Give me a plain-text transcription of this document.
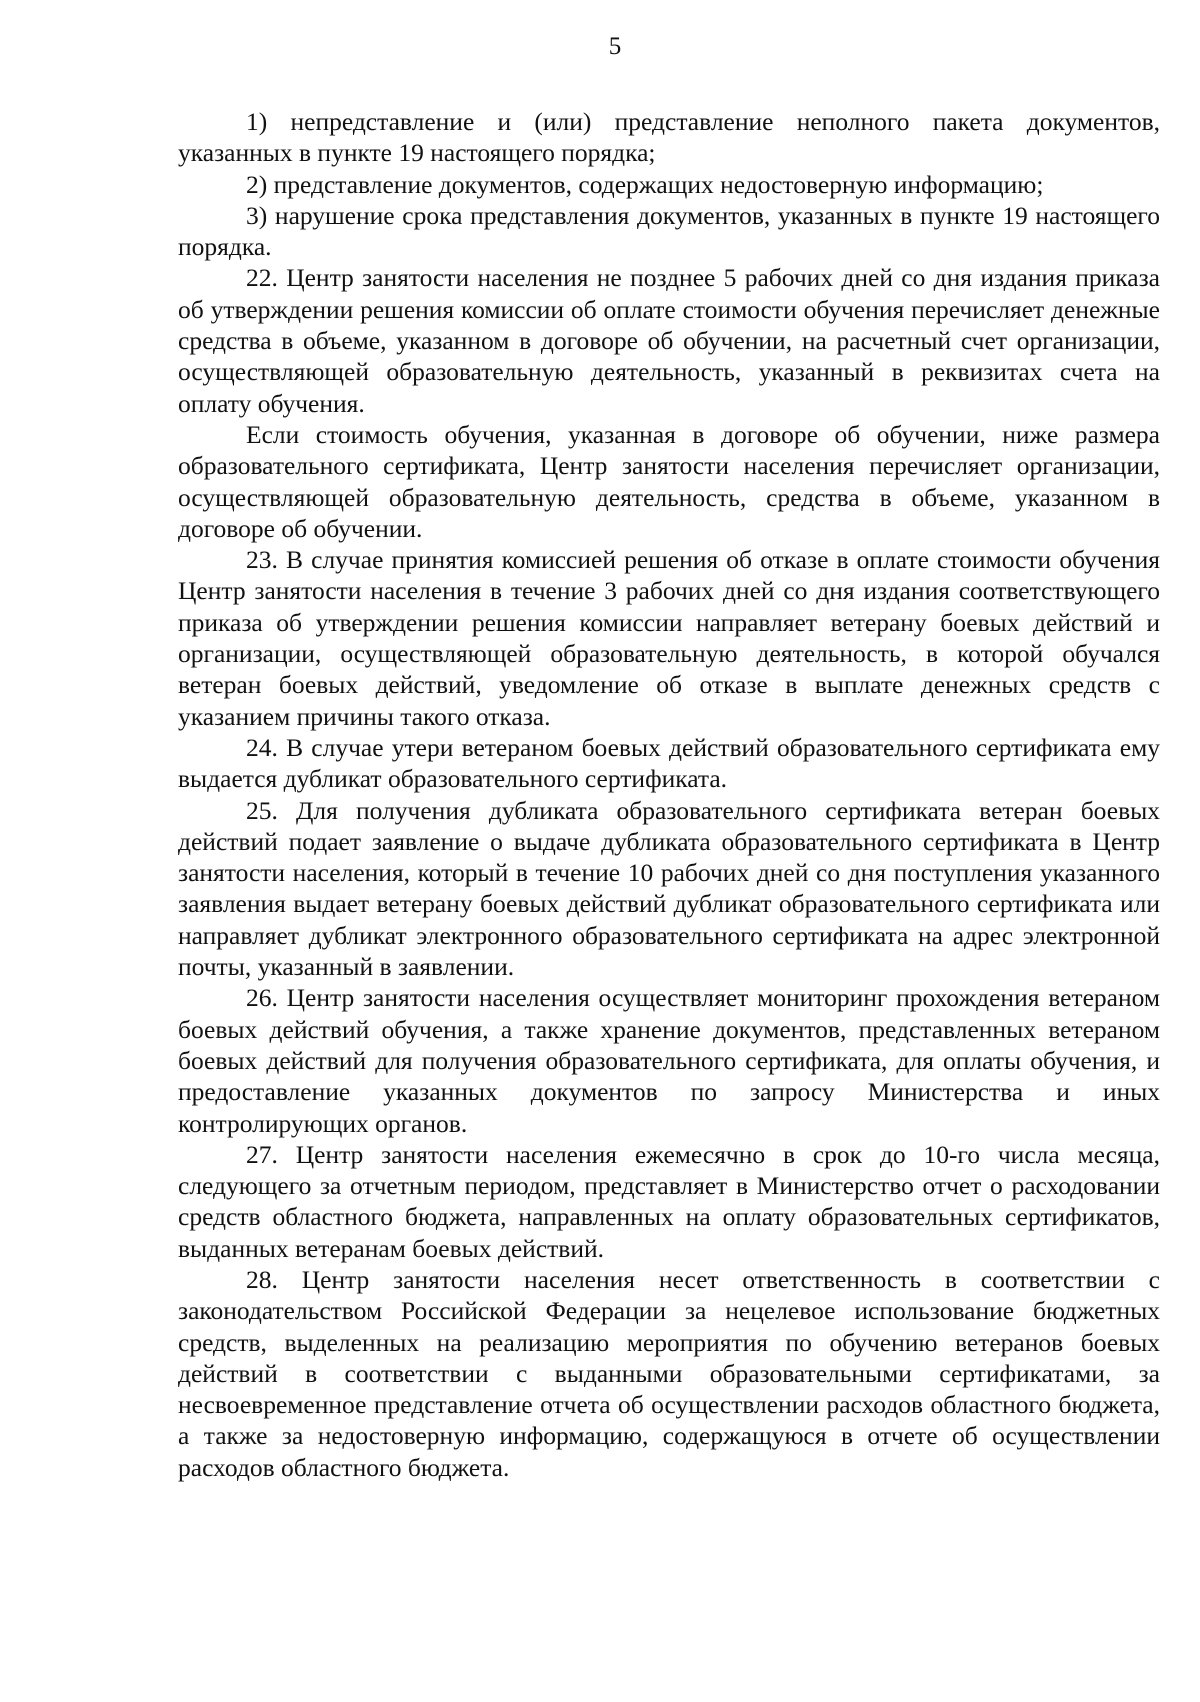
5

1) непредставление и (или) представление неполного пакета документов, указанных в пункте 19 настоящего порядка;

2) представление документов, содержащих недостоверную информацию;

3) нарушение срока представления документов, указанных в пункте 19 настоящего порядка.

22. Центр занятости населения не позднее 5 рабочих дней со дня издания приказа об утверждении решения комиссии об оплате стоимости обучения перечисляет денежные средства в объеме, указанном в договоре об обучении, на расчетный счет организации, осуществляющей образовательную деятельность, указанный в реквизитах счета на оплату обучения.

Если стоимость обучения, указанная в договоре об обучении, ниже размера образовательного сертификата, Центр занятости населения перечисляет организации, осуществляющей образовательную деятельность, средства в объеме, указанном в договоре об обучении.

23. В случае принятия комиссией решения об отказе в оплате стоимости обучения Центр занятости населения в течение 3 рабочих дней со дня издания соответствующего приказа об утверждении решения комиссии направляет ветерану боевых действий и организации, осуществляющей образовательную деятельность, в которой обучался ветеран боевых действий, уведомление об отказе в выплате денежных средств с указанием причины такого отказа.

24. В случае утери ветераном боевых действий образовательного сертификата ему выдается дубликат образовательного сертификата.

25. Для получения дубликата образовательного сертификата ветеран боевых действий подает заявление о выдаче дубликата образовательного сертификата в Центр занятости населения, который в течение 10 рабочих дней со дня поступления указанного заявления выдает ветерану боевых действий дубликат образовательного сертификата или направляет дубликат электронного образовательного сертификата на адрес электронной почты, указанный в заявлении.

26. Центр занятости населения осуществляет мониторинг прохождения ветераном боевых действий обучения, а также хранение документов, представленных ветераном боевых действий для получения образовательного сертификата, для оплаты обучения, и предоставление указанных документов по запросу Министерства и иных контролирующих органов.

27. Центр занятости населения ежемесячно в срок до 10-го числа месяца, следующего за отчетным периодом, представляет в Министерство отчет о расходовании средств областного бюджета, направленных на оплату образовательных сертификатов, выданных ветеранам боевых действий.

28. Центр занятости населения несет ответственность в соответствии с законодательством Российской Федерации за нецелевое использование бюджетных средств, выделенных на реализацию мероприятия по обучению ветеранов боевых действий в соответствии с выданными образовательными сертификатами, за несвоевременное представление отчета об осуществлении расходов областного бюджета, а также за недостоверную информацию, содержащуюся в отчете об осуществлении расходов областного бюджета.
